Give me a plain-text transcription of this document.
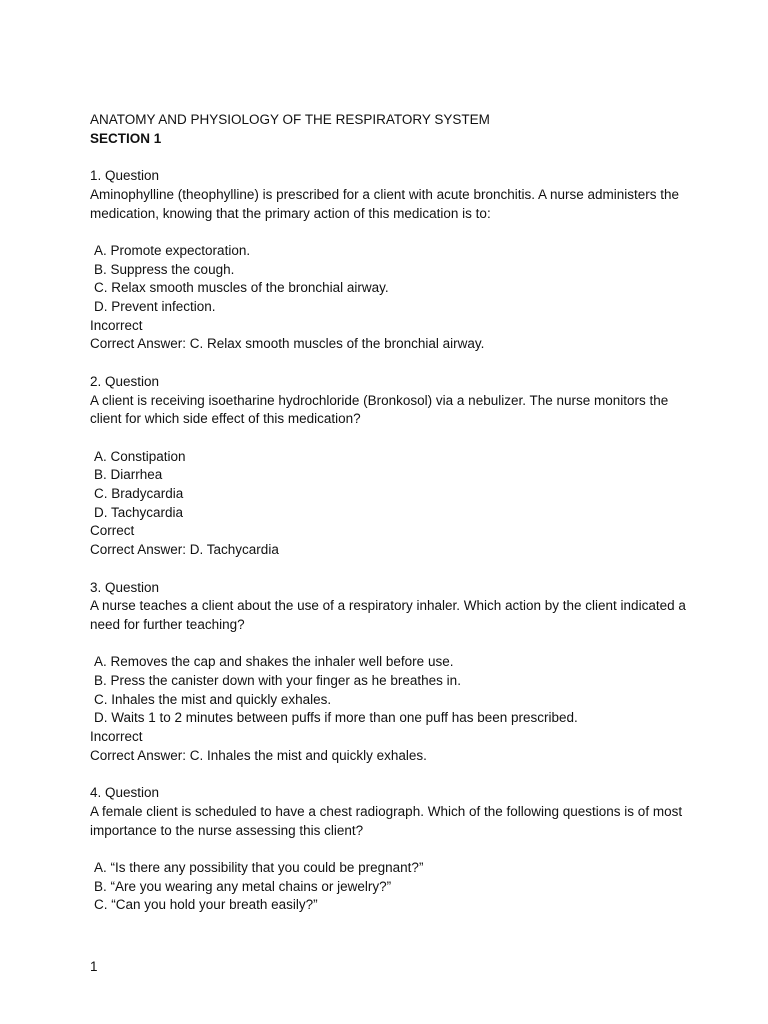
ANATOMY AND PHYSIOLOGY OF THE RESPIRATORY SYSTEM
SECTION 1
1. Question
Aminophylline (theophylline) is prescribed for a client with acute bronchitis. A nurse administers the medication, knowing that the primary action of this medication is to:
A. Promote expectoration.
B. Suppress the cough.
C. Relax smooth muscles of the bronchial airway.
D. Prevent infection.
Incorrect
Correct Answer: C. Relax smooth muscles of the bronchial airway.
2. Question
A client is receiving isoetharine hydrochloride (Bronkosol) via a nebulizer. The nurse monitors the client for which side effect of this medication?
A. Constipation
B. Diarrhea
C. Bradycardia
D. Tachycardia
Correct
Correct Answer: D. Tachycardia
3. Question
A nurse teaches a client about the use of a respiratory inhaler. Which action by the client indicated a need for further teaching?
A. Removes the cap and shakes the inhaler well before use.
B. Press the canister down with your finger as he breathes in.
C. Inhales the mist and quickly exhales.
D. Waits 1 to 2 minutes between puffs if more than one puff has been prescribed.
Incorrect
Correct Answer: C. Inhales the mist and quickly exhales.
4. Question
A female client is scheduled to have a chest radiograph. Which of the following questions is of most importance to the nurse assessing this client?
A. “Is there any possibility that you could be pregnant?”
B. “Are you wearing any metal chains or jewelry?”
C. “Can you hold your breath easily?”
1
